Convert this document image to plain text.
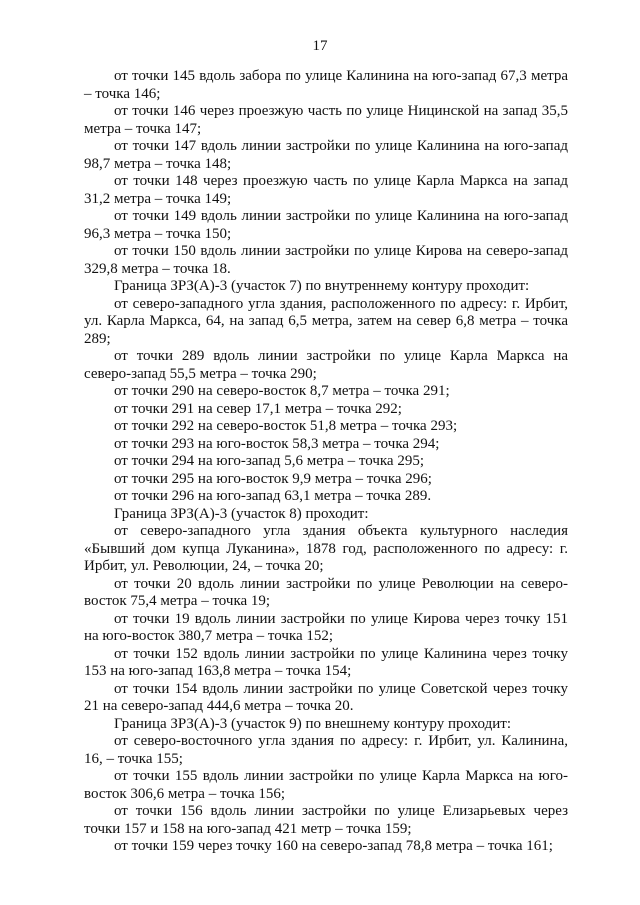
17

от точки 145 вдоль забора по улице Калинина на юго-запад 67,3 метра – точка 146;

от точки 146 через проезжую часть по улице Ницинской на запад 35,5 метра – точка 147;

от точки 147 вдоль линии застройки по улице Калинина на юго-запад 98,7 метра – точка 148;

от точки 148 через проезжую часть по улице Карла Маркса на запад 31,2 метра – точка 149;

от точки 149 вдоль линии застройки по улице Калинина на юго-запад 96,3 метра – точка 150;

от точки 150 вдоль линии застройки по улице Кирова на северо-запад 329,8 метра – точка 18.

Граница ЗРЗ(А)-3 (участок 7) по внутреннему контуру проходит:

от северо-западного угла здания, расположенного по адресу: г. Ирбит, ул. Карла Маркса, 64, на запад 6,5 метра, затем на север 6,8 метра – точка 289;

от точки 289 вдоль линии застройки по улице Карла Маркса на северо-запад 55,5 метра – точка 290;

от точки 290 на северо-восток 8,7 метра – точка 291;

от точки 291 на север 17,1 метра – точка 292;

от точки 292 на северо-восток 51,8 метра – точка 293;

от точки 293 на юго-восток 58,3 метра – точка 294;

от точки 294 на юго-запад 5,6 метра – точка 295;

от точки 295 на юго-восток 9,9 метра – точка 296;

от точки 296 на юго-запад 63,1 метра – точка 289.

Граница ЗРЗ(А)-3 (участок 8) проходит:

от северо-западного угла здания объекта культурного наследия «Бывший дом купца Луканина», 1878 год, расположенного по адресу: г. Ирбит, ул. Революции, 24, – точка 20;

от точки 20 вдоль линии застройки по улице Революции на северо-восток 75,4 метра – точка 19;

от точки 19 вдоль линии застройки по улице Кирова через точку 151 на юго-восток 380,7 метра – точка 152;

от точки 152 вдоль линии застройки по улице Калинина через точку 153 на юго-запад 163,8 метра – точка 154;

от точки 154 вдоль линии застройки по улице Советской через точку 21 на северо-запад 444,6 метра – точка 20.

Граница ЗРЗ(А)-3 (участок 9) по внешнему контуру проходит:

от северо-восточного угла здания по адресу: г. Ирбит, ул. Калинина, 16, – точка 155;

от точки 155 вдоль линии застройки по улице Карла Маркса на юго-восток 306,6 метра – точка 156;

от точки 156 вдоль линии застройки по улице Елизарьевых через точки 157 и 158 на юго-запад 421 метр – точка 159;

от точки 159 через точку 160 на северо-запад 78,8 метра – точка 161;
